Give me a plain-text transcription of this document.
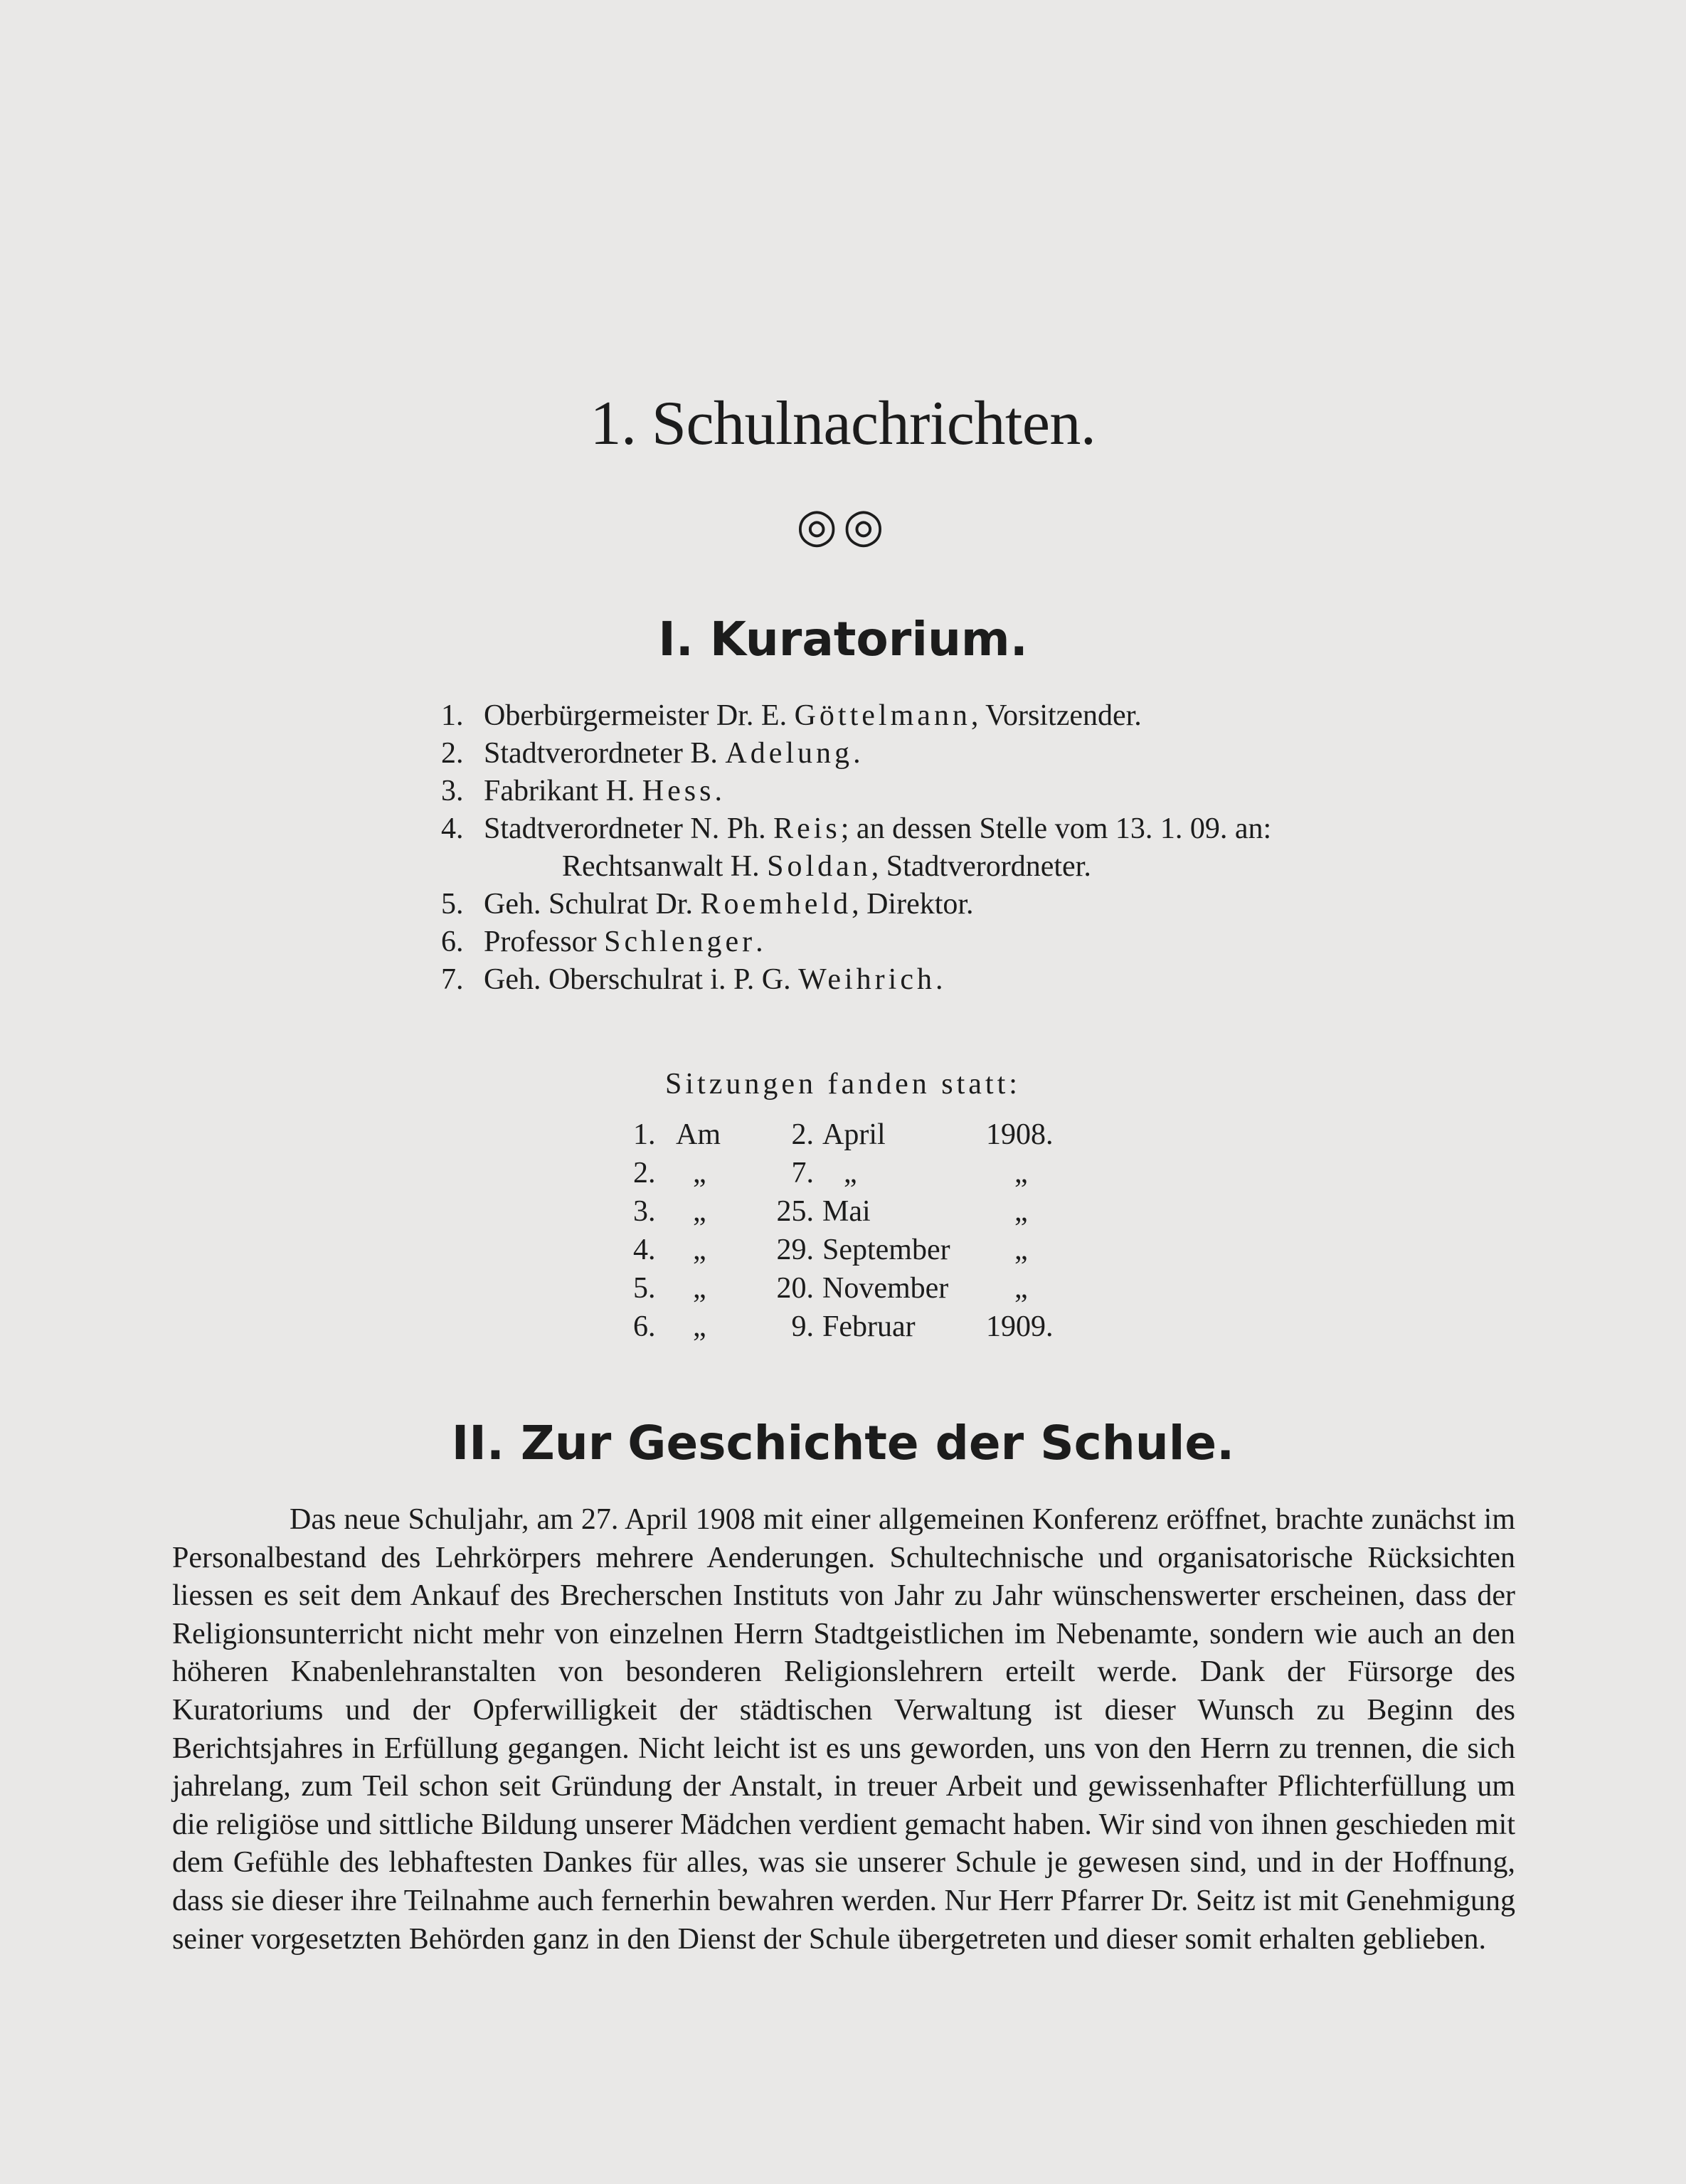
1. Schulnachrichten.
◎◎
I. Kuratorium.
1. Oberbürgermeister Dr. E. Göttelmann, Vorsitzender.
2. Stadtverordneter B. Adelung.
3. Fabrikant H. Hess.
4. Stadtverordneter N. Ph. Reis; an dessen Stelle vom 13. 1. 09. an:
Rechtsanwalt H. Soldan, Stadtverordneter.
5. Geh. Schulrat Dr. Roemheld, Direktor.
6. Professor Schlenger.
7. Geh. Oberschulrat i. P. G. Weihrich.
Sitzungen fanden statt:
1.	Am	2.	April	1908.
2.	„	7.	„	„
3.	„	25.	Mai	„
4.	„	29.	September	„
5.	„	20.	November	„
6.	„	9.	Februar	1909.
II. Zur Geschichte der Schule.

Das neue Schuljahr, am 27. April 1908 mit einer allgemeinen Konferenz eröffnet, brachte zunächst im Personalbestand des Lehrkörpers mehrere Aenderungen. Schultechnische und organisatorische Rücksichten liessen es seit dem Ankauf des Brecherschen Instituts von Jahr zu Jahr wünschenswerter erscheinen, dass der Religionsunterricht nicht mehr von einzelnen Herrn Stadtgeistlichen im Nebenamte, sondern wie auch an den höheren Knabenlehranstalten von besonderen Religionslehrern erteilt werde. Dank der Fürsorge des Kuratoriums und der Opferwilligkeit der städtischen Verwaltung ist dieser Wunsch zu Beginn des Berichtsjahres in Erfüllung gegangen. Nicht leicht ist es uns geworden, uns von den Herrn zu trennen, die sich jahrelang, zum Teil schon seit Gründung der Anstalt, in treuer Arbeit und gewissenhafter Pflichterfüllung um die religiöse und sittliche Bildung unserer Mädchen verdient gemacht haben. Wir sind von ihnen geschieden mit dem Gefühle des lebhaftesten Dankes für alles, was sie unserer Schule je gewesen sind, und in der Hoffnung, dass sie dieser ihre Teilnahme auch fernerhin bewahren werden. Nur Herr Pfarrer Dr. Seitz ist mit Genehmigung seiner vorgesetzten Behörden ganz in den Dienst der Schule übergetreten und dieser somit erhalten geblieben.
